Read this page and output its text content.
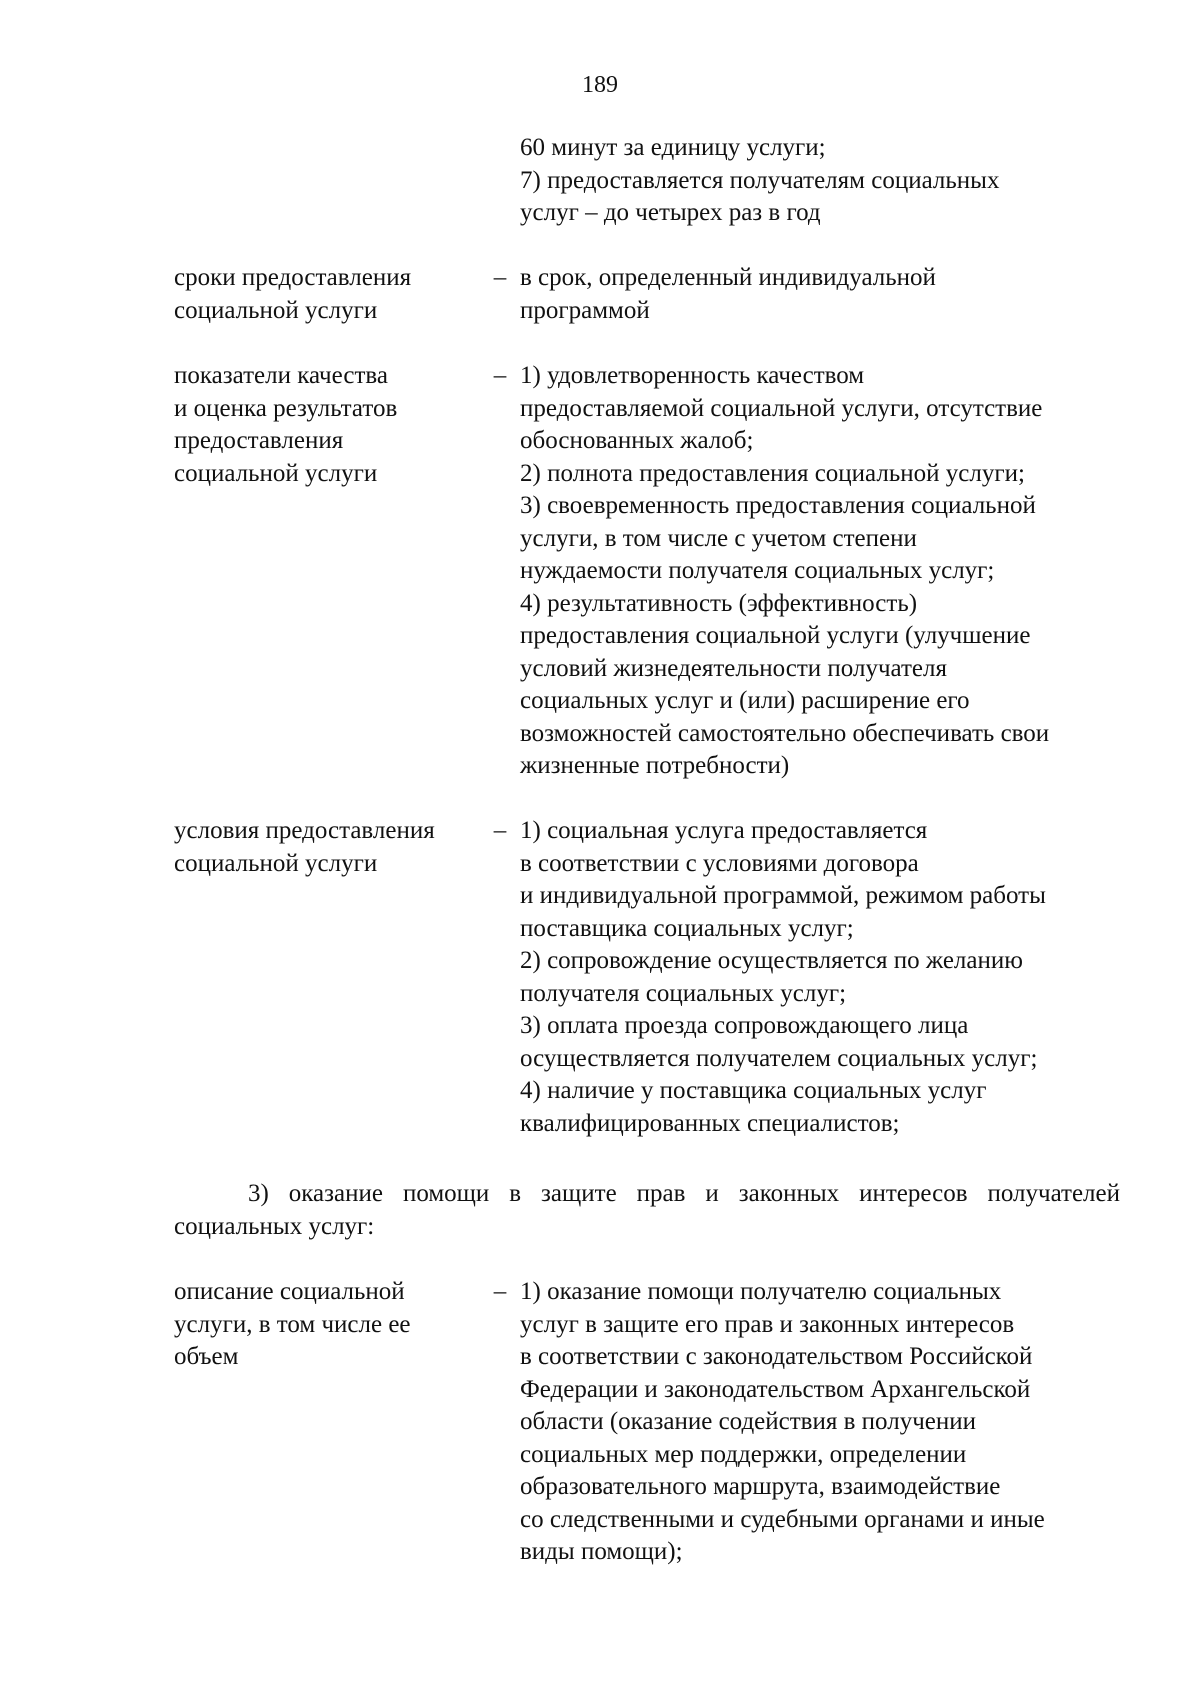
189
60 минут за единицу услуги;
7) предоставляется получателям социальных
услуг – до четырех раз в год
сроки предоставления
социальной услуги
– в срок, определенный индивидуальной
программой
показатели качества
и оценка результатов
предоставления
социальной услуги
– 1) удовлетворенность качеством
предоставляемой социальной услуги, отсутствие
обоснованных жалоб;
2) полнота предоставления социальной услуги;
3) своевременность предоставления социальной
услуги, в том числе с учетом степени
нуждаемости получателя социальных услуг;
4) результативность (эффективность)
предоставления социальной услуги (улучшение
условий жизнедеятельности получателя
социальных услуг и (или) расширение его
возможностей самостоятельно обеспечивать свои
жизненные потребности)
условия предоставления
социальной услуги
– 1) социальная услуга предоставляется
в соответствии с условиями договора
и индивидуальной программой, режимом работы
поставщика социальных услуг;
2) сопровождение осуществляется по желанию
получателя социальных услуг;
3) оплата проезда сопровождающего лица
осуществляется получателем социальных услуг;
4) наличие у поставщика социальных услуг
квалифицированных специалистов;
3) оказание помощи в защите прав и законных интересов получателей
социальных услуг:
описание социальной
услуги, в том числе ее
объем
– 1) оказание помощи получателю социальных
услуг в защите его прав и законных интересов
в соответствии с законодательством Российской
Федерации и законодательством Архангельской
области (оказание содействия в получении
социальных мер поддержки, определении
образовательного маршрута, взаимодействие
со следственными и судебными органами и иные
виды помощи);
